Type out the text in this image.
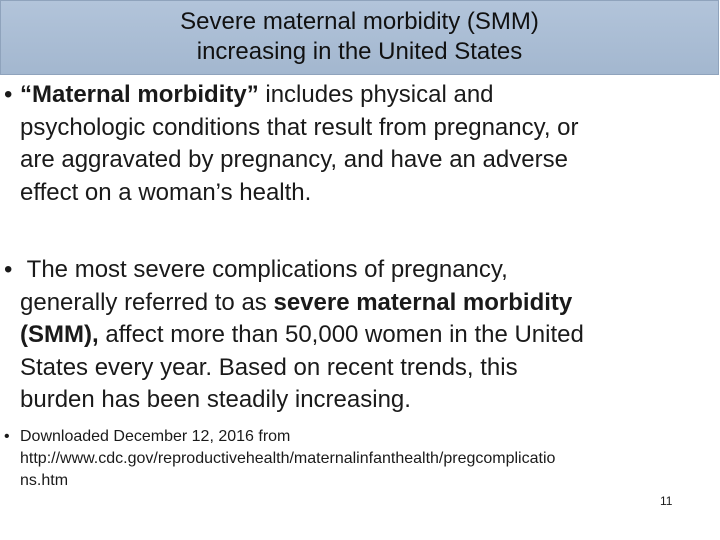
Severe maternal morbidity (SMM)
increasing in the United States
• “Maternal morbidity” includes physical and
psychologic conditions that result from pregnancy, or
are aggravated by pregnancy, and have an adverse
effect on a woman’s health.
• The most severe complications of pregnancy,
generally referred to as severe maternal morbidity
(SMM), affect more than 50,000 women in the United
States every year. Based on recent trends, this
burden has been steadily increasing.
• Downloaded December 12, 2016 from
http://www.cdc.gov/reproductivehealth/maternalinfanthealth/pregcomplicatio
ns.htm
11
